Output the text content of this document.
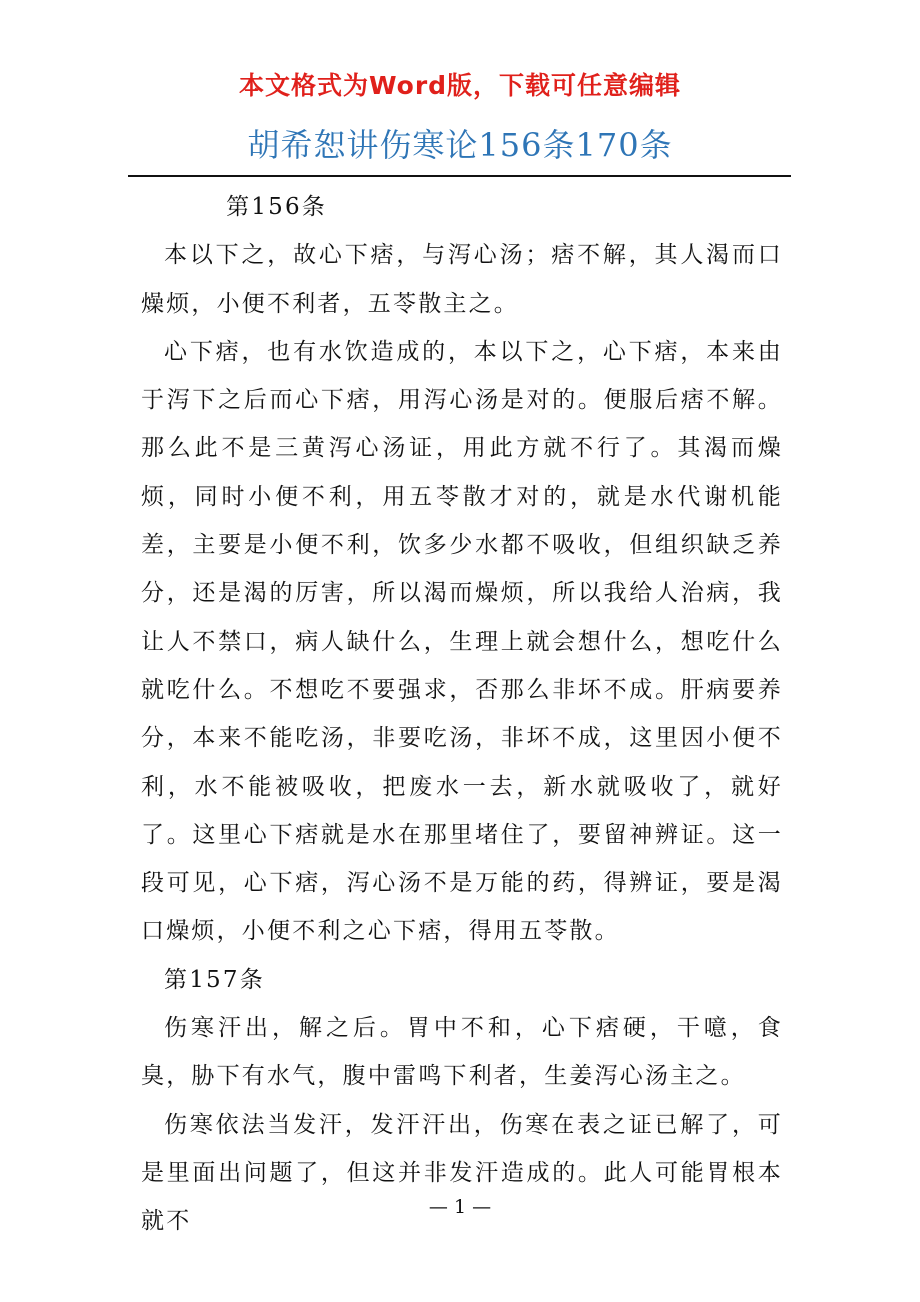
本文格式为Word版，下载可任意编辑
胡希恕讲伤寒论156条170条

第156条

本以下之，故心下痞，与泻心汤；痞不解，其人渴而口燥烦，小便不利者，五苓散主之。

心下痞，也有水饮造成的，本以下之，心下痞，本来由于泻下之后而心下痞，用泻心汤是对的。便服后痞不解。那么此不是三黄泻心汤证，用此方就不行了。其渴而燥烦，同时小便不利，用五苓散才对的，就是水代谢机能差，主要是小便不利，饮多少水都不吸收，但组织缺乏养分，还是渴的厉害，所以渴而燥烦，所以我给人治病，我让人不禁口，病人缺什么，生理上就会想什么，想吃什么就吃什么。不想吃不要强求，否那么非坏不成。肝病要养分，本来不能吃汤，非要吃汤，非坏不成，这里因小便不利，水不能被吸收，把废水一去，新水就吸收了，就好了。这里心下痞就是水在那里堵住了，要留神辨证。这一段可见，心下痞，泻心汤不是万能的药，得辨证，要是渴口燥烦，小便不利之心下痞，得用五苓散。

第157条

伤寒汗出，解之后。胃中不和，心下痞硬，干噫，食臭，胁下有水气，腹中雷鸣下利者，生姜泻心汤主之。

伤寒依法当发汗，发汗汗出，伤寒在表之证已解了，可是里面出问题了，但这并非发汗造成的。此人可能胃根本就不

— 1 —
